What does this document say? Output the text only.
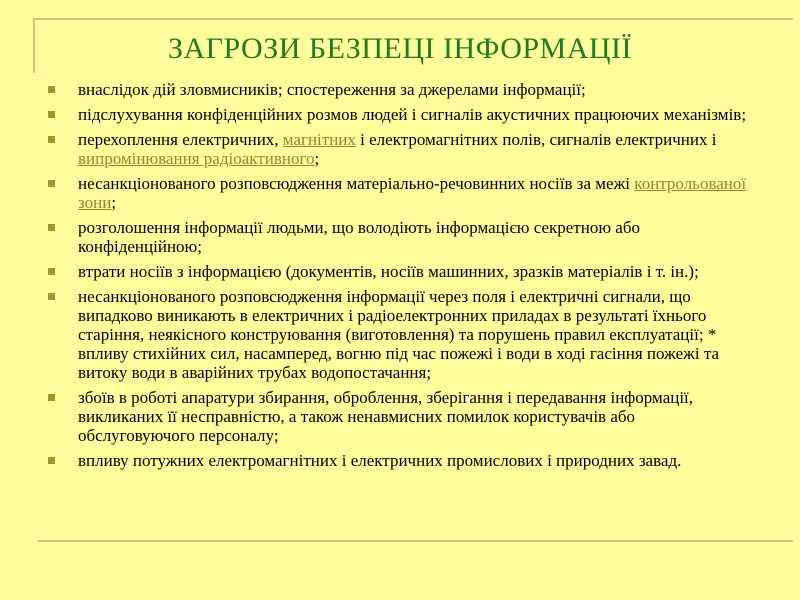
ЗАГРОЗИ БЕЗПЕЦІ ІНФОРМАЦІЇ
внаслідок дій зловмисників; спостереження за джерелами інформації;
підслухування конфіденційних розмов людей і сигналів акустичних працюючих механізмів;
перехоплення електричних, магнітних і електромагнітних полів, сигналів електричних і випромінювання радіоактивного;
несанкціонованого розповсюдження матеріально-речовинних носіїв за межі контрольованої зони;
розголошення інформації людьми, що володіють інформацією секретною або конфіденційною;
втрати носіїв з інформацією (документів, носіїв машинних, зразків матеріалів і т. ін.);
несанкціонованого розповсюдження інформації через поля і електричні сигнали, що випадково виникають в електричних і радіоелектронних приладах в результаті їхнього старіння, неякісного конструювання (виготовлення) та порушень правил експлуатації; * впливу стихійних сил, насамперед, вогню під час пожежі і води в ході гасіння пожежі та витоку води в аварійних трубах водопостачання;
збоїв в роботі апаратури збирання, оброблення, зберігання і передавання інформації, викликаних її несправністю, а також ненавмисних помилок користувачів або обслуговуючого персоналу;
впливу потужних електромагнітних і електричних промислових і природних завад.
